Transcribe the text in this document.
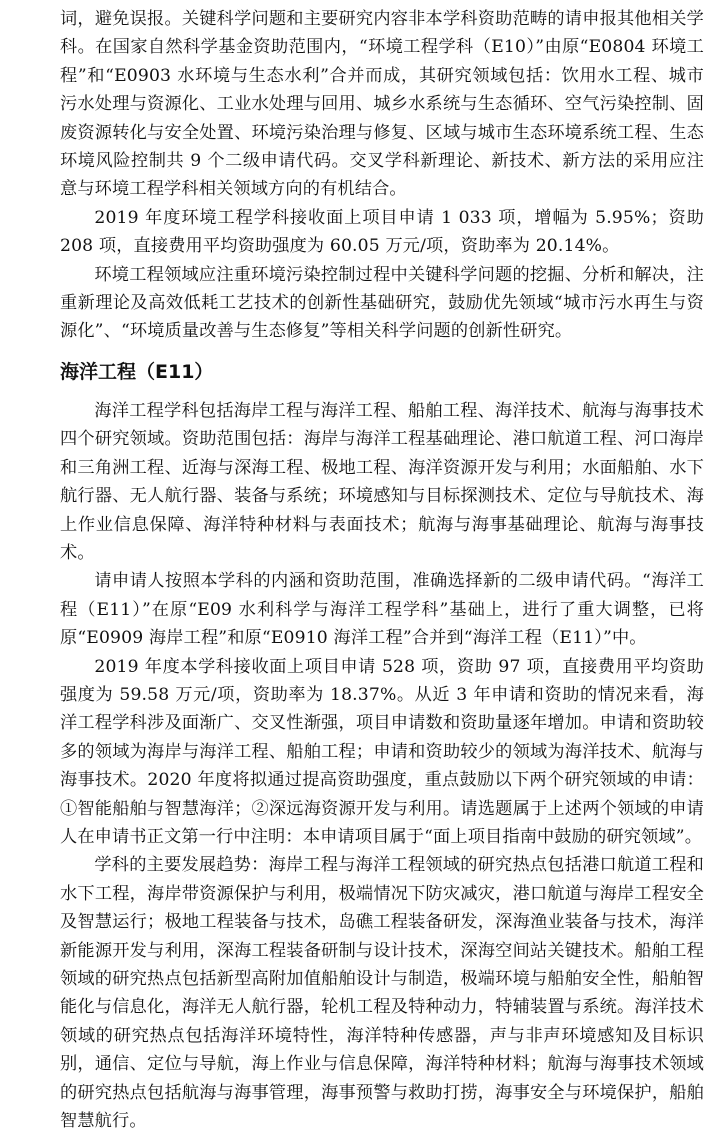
词，避免误报。关键科学问题和主要研究内容非本学科资助范畴的请申报其他相关学科。在国家自然科学基金资助范围内，“环境工程学科（E10）”由原“E0804 环境工程”和“E0903 水环境与生态水利”合并而成，其研究领域包括：饮用水工程、城市污水处理与资源化、工业水处理与回用、城乡水系统与生态循环、空气污染控制、固废资源转化与安全处置、环境污染治理与修复、区域与城市生态环境系统工程、生态环境风险控制共 9 个二级申请代码。交叉学科新理论、新技术、新方法的采用应注意与环境工程学科相关领域方向的有机结合。

2019 年度环境工程学科接收面上项目申请 1 033 项，增幅为 5.95%；资助 208 项，直接费用平均资助强度为 60.05 万元/项，资助率为 20.14%。

环境工程领域应注重环境污染控制过程中关键科学问题的挖掘、分析和解决，注重新理论及高效低耗工艺技术的创新性基础研究，鼓励优先领域“城市污水再生与资源化”、“环境质量改善与生态修复”等相关科学问题的创新性研究。

海洋工程（E11）

海洋工程学科包括海岸工程与海洋工程、船舶工程、海洋技术、航海与海事技术四个研究领域。资助范围包括：海岸与海洋工程基础理论、港口航道工程、河口海岸和三角洲工程、近海与深海工程、极地工程、海洋资源开发与利用；水面船舶、水下航行器、无人航行器、装备与系统；环境感知与目标探测技术、定位与导航技术、海上作业信息保障、海洋特种材料与表面技术；航海与海事基础理论、航海与海事技术。

请申请人按照本学科的内涵和资助范围，准确选择新的二级申请代码。“海洋工程（E11）”在原“E09 水利科学与海洋工程学科”基础上，进行了重大调整，已将原“E0909 海岸工程”和原“E0910 海洋工程”合并到“海洋工程（E11）”中。

2019 年度本学科接收面上项目申请 528 项，资助 97 项，直接费用平均资助强度为 59.58 万元/项，资助率为 18.37%。从近 3 年申请和资助的情况来看，海洋工程学科涉及面渐广、交叉性渐强，项目申请数和资助量逐年增加。申请和资助较多的领域为海岸与海洋工程、船舶工程；申请和资助较少的领域为海洋技术、航海与海事技术。2020 年度将拟通过提高资助强度，重点鼓励以下两个研究领域的申请：①智能船舶与智慧海洋；②深远海资源开发与利用。请选题属于上述两个领域的申请人在申请书正文第一行中注明：本申请项目属于“面上项目指南中鼓励的研究领域”。

学科的主要发展趋势：海岸工程与海洋工程领域的研究热点包括港口航道工程和水下工程，海岸带资源保护与利用，极端情况下防灾减灾，港口航道与海岸工程安全及智慧运行；极地工程装备与技术，岛礁工程装备研发，深海渔业装备与技术，海洋新能源开发与利用，深海工程装备研制与设计技术，深海空间站关键技术。船舶工程领域的研究热点包括新型高附加值船舶设计与制造，极端环境与船舶安全性，船舶智能化与信息化，海洋无人航行器，轮机工程及特种动力，特辅装置与系统。海洋技术领域的研究热点包括海洋环境特性，海洋特种传感器，声与非声环境感知及目标识别，通信、定位与导航，海上作业与信息保障，海洋特种材料；航海与海事技术领域的研究热点包括航海与海事管理，海事预警与救助打捞，海事安全与环境保护，船舶智慧航行。
